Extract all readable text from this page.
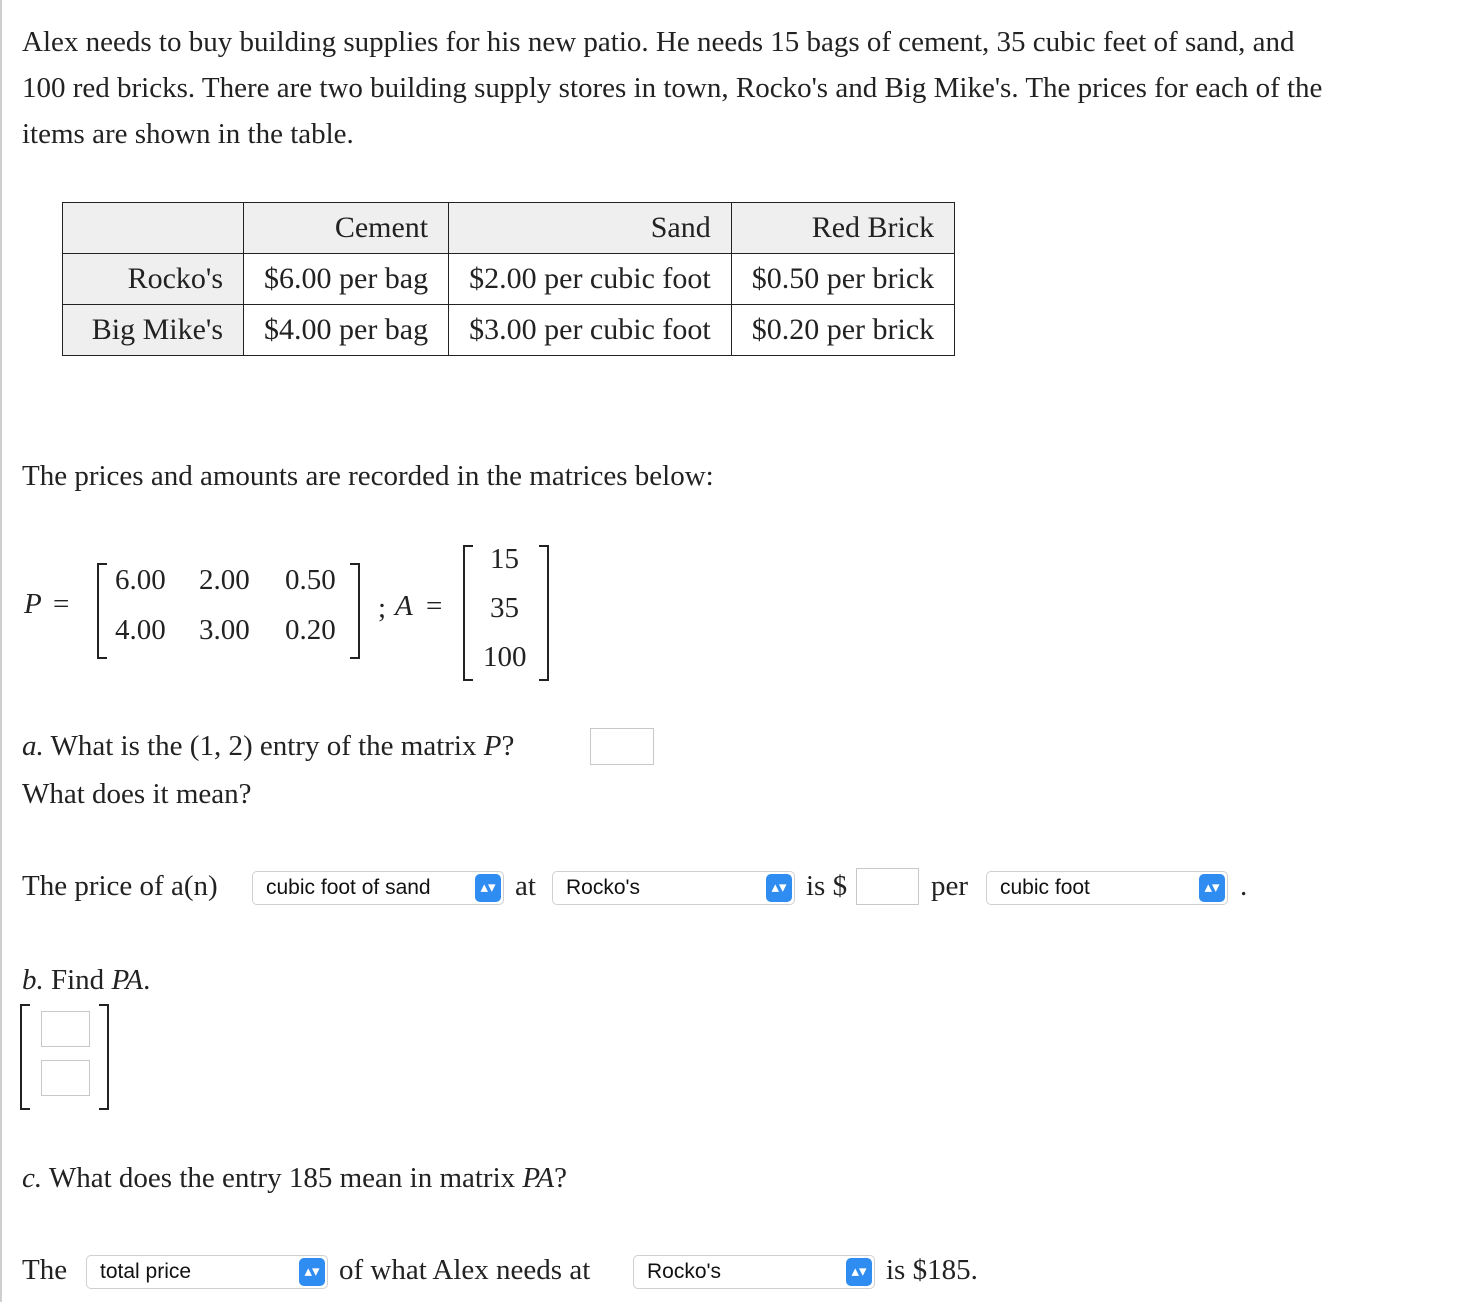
Alex needs to buy building supplies for his new patio. He needs 15 bags of cement, 35 cubic feet of sand, and
100 red bricks. There are two building supply stores in town, Rocko's and Big Mike's. The prices for each of the
items are shown in the table.
	Cement	Sand	Red Brick
Rocko's	$6.00 per bag	$2.00 per cubic foot	$0.50 per brick
Big Mike's	$4.00 per bag	$3.00 per cubic foot	$0.20 per brick
The prices and amounts are recorded in the matrices below:
P =
6.00 2.00 0.50
4.00 3.00 0.20
; A =
15
35
100
a. What is the (1, 2) entry of the matrix P?
What does it mean?
The price of a(n)	cubic foot of sand	▴▾ at	Rocko's	▴▾ is $	per	cubic foot	▴▾ .
b. Find PA.
c. What does the entry 185 mean in matrix PA?
The	total price	▴▾ of what Alex needs at	Rocko's	▴▾ is $185.
